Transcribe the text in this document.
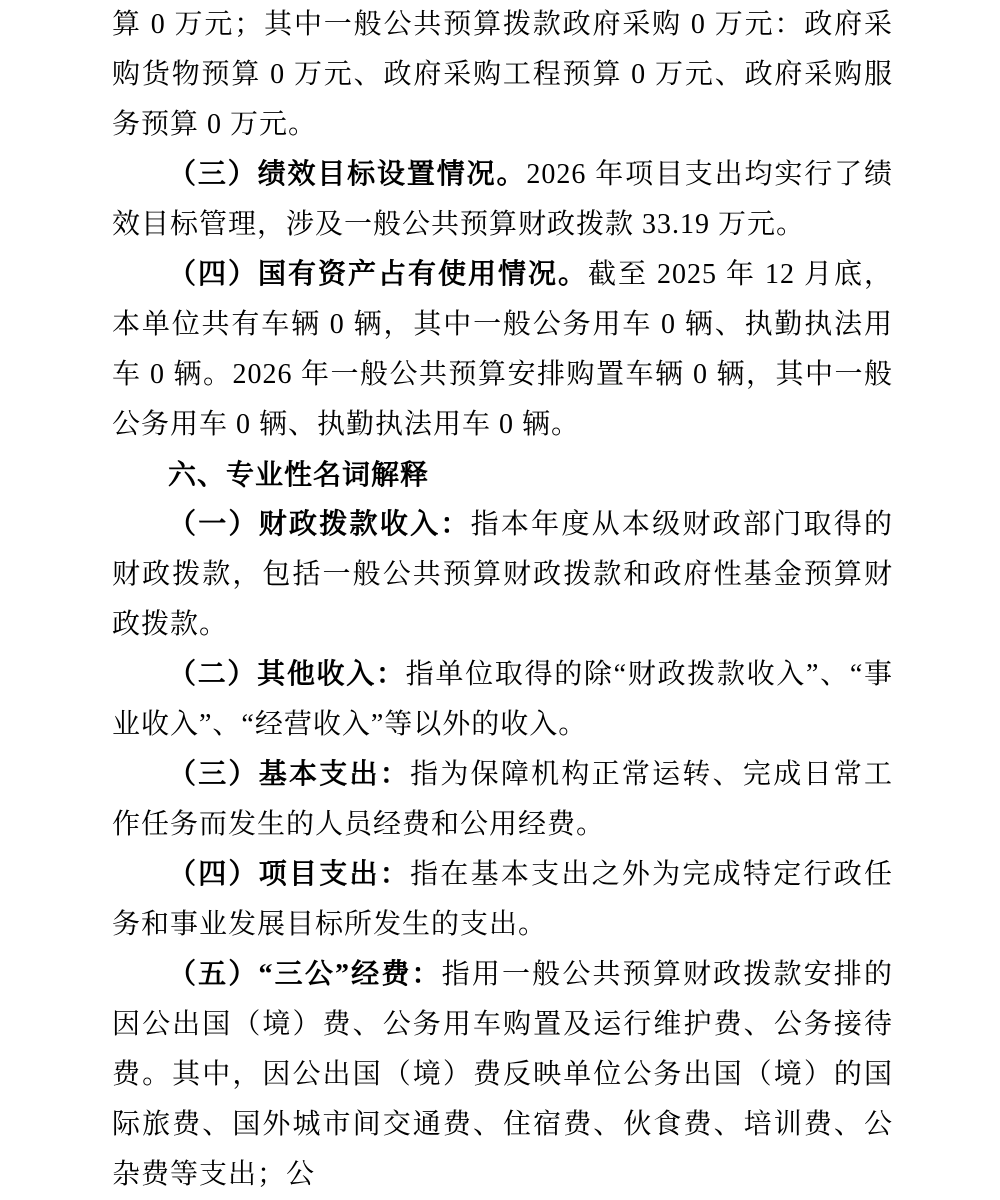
算 0 万元；其中一般公共预算拨款政府采购 0 万元：政府采购货物预算 0 万元、政府采购工程预算 0 万元、政府采购服务预算 0 万元。

（三）绩效目标设置情况。2026 年项目支出均实行了绩效目标管理，涉及一般公共预算财政拨款 33.19 万元。

（四）国有资产占有使用情况。截至 2025 年 12 月底，本单位共有车辆 0 辆，其中一般公务用车 0 辆、执勤执法用车 0 辆。2026 年一般公共预算安排购置车辆 0 辆，其中一般公务用车 0 辆、执勤执法用车 0 辆。

六、专业性名词解释

（一）财政拨款收入：指本年度从本级财政部门取得的财政拨款，包括一般公共预算财政拨款和政府性基金预算财政拨款。

（二）其他收入：指单位取得的除“财政拨款收入”、“事业收入”、“经营收入”等以外的收入。

（三）基本支出：指为保障机构正常运转、完成日常工作任务而发生的人员经费和公用经费。

（四）项目支出：指在基本支出之外为完成特定行政任务和事业发展目标所发生的支出。

（五）“三公”经费：指用一般公共预算财政拨款安排的因公出国（境）费、公务用车购置及运行维护费、公务接待费。其中，因公出国（境）费反映单位公务出国（境）的国际旅费、国外城市间交通费、住宿费、伙食费、培训费、公杂费等支出；公
